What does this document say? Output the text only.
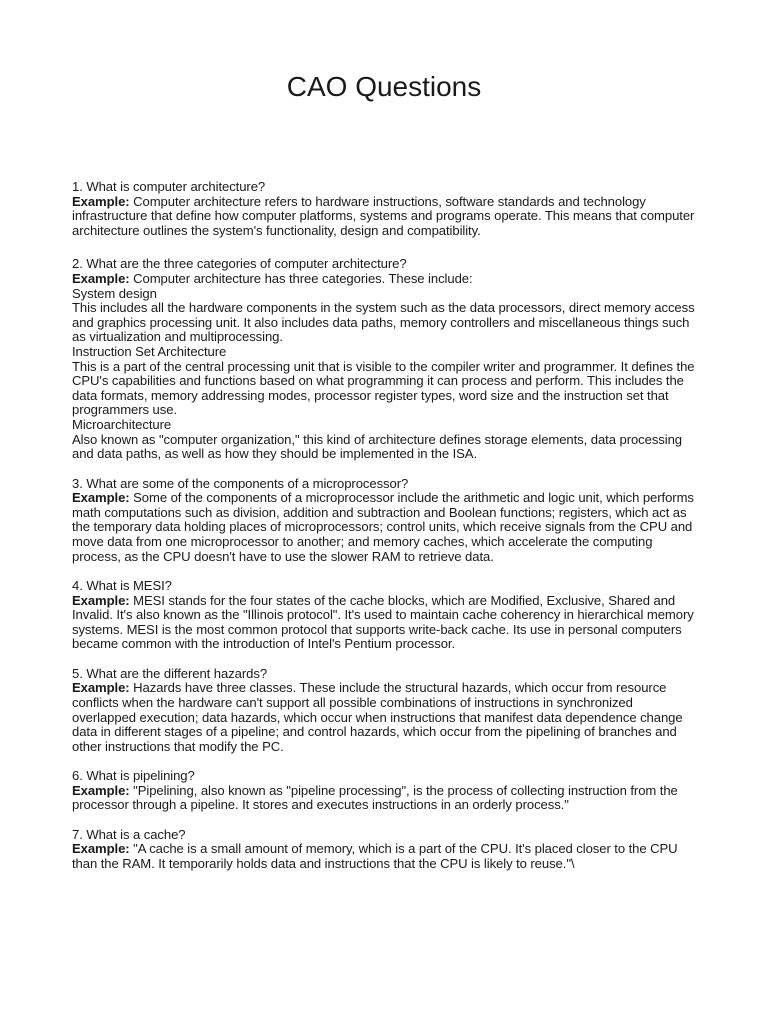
CAO Questions
1. What is computer architecture?
Example: Computer architecture refers to hardware instructions, software standards and technology infrastructure that define how computer platforms, systems and programs operate. This means that computer architecture outlines the system's functionality, design and compatibility.
2. What are the three categories of computer architecture?
Example: Computer architecture has three categories. These include:
System design
This includes all the hardware components in the system such as the data processors, direct memory access and graphics processing unit. It also includes data paths, memory controllers and miscellaneous things such as virtualization and multiprocessing.
Instruction Set Architecture
This is a part of the central processing unit that is visible to the compiler writer and programmer. It defines the CPU's capabilities and functions based on what programming it can process and perform. This includes the data formats, memory addressing modes, processor register types, word size and the instruction set that programmers use.
Microarchitecture
Also known as "computer organization," this kind of architecture defines storage elements, data processing and data paths, as well as how they should be implemented in the ISA.
3. What are some of the components of a microprocessor?
Example: Some of the components of a microprocessor include the arithmetic and logic unit, which performs math computations such as division, addition and subtraction and Boolean functions; registers, which act as the temporary data holding places of microprocessors; control units, which receive signals from the CPU and move data from one microprocessor to another; and memory caches, which accelerate the computing process, as the CPU doesn't have to use the slower RAM to retrieve data.
4. What is MESI?
Example: MESI stands for the four states of the cache blocks, which are Modified, Exclusive, Shared and Invalid. It's also known as the "Illinois protocol". It's used to maintain cache coherency in hierarchical memory systems. MESI is the most common protocol that supports write-back cache. Its use in personal computers became common with the introduction of Intel's Pentium processor.
5. What are the different hazards?
Example: Hazards have three classes. These include the structural hazards, which occur from resource conflicts when the hardware can't support all possible combinations of instructions in synchronized overlapped execution; data hazards, which occur when instructions that manifest data dependence change data in different stages of a pipeline; and control hazards, which occur from the pipelining of branches and other instructions that modify the PC.
6. What is pipelining?
Example: "Pipelining, also known as "pipeline processing", is the process of collecting instruction from the processor through a pipeline. It stores and executes instructions in an orderly process."
7. What is a cache?
Example: "A cache is a small amount of memory, which is a part of the CPU. It's placed closer to the CPU than the RAM. It temporarily holds data and instructions that the CPU is likely to reuse."\
